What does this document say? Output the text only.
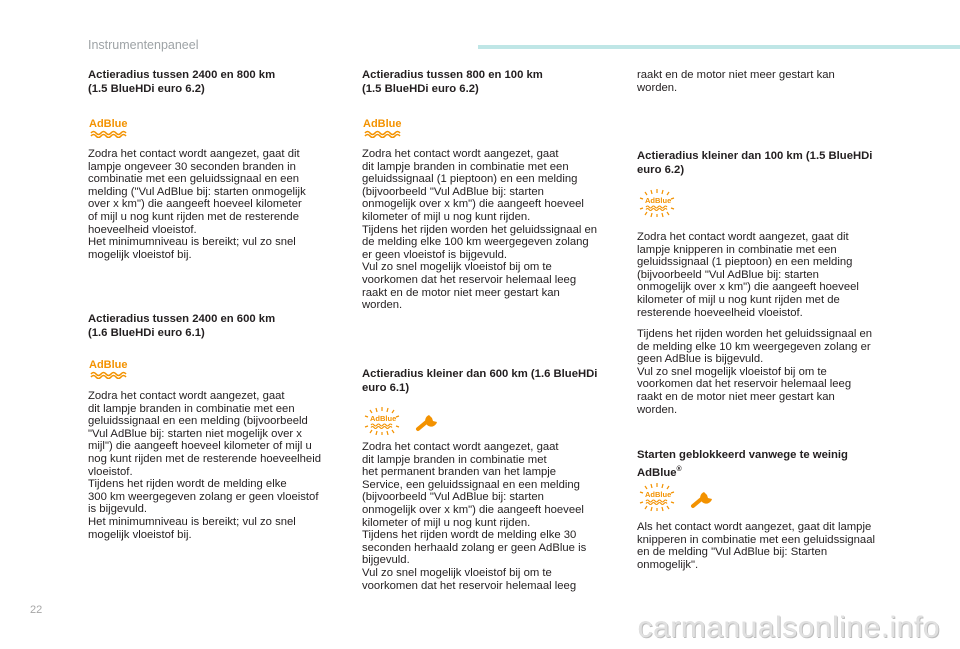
Instrumentenpaneel
Actieradius tussen 2400 en 800 km
(1.5 BlueHDi euro 6.2)
AdBlue

Zodra het contact wordt aangezet, gaat dit
lampje ongeveer 30 seconden branden in
combinatie met een geluidssignaal en een
melding ("Vul AdBlue bij: starten onmogelijk
over x km") die aangeeft hoeveel kilometer
of mijl u nog kunt rijden met de resterende
hoeveelheid vloeistof.
Het minimumniveau is bereikt; vul zo snel
mogelijk vloeistof bij.

Actieradius tussen 2400 en 600 km
(1.6 BlueHDi euro 6.1)
AdBlue

Zodra het contact wordt aangezet, gaat
dit lampje branden in combinatie met een
geluidssignaal en een melding (bijvoorbeeld
"Vul AdBlue bij: starten niet mogelijk over x
mijl") die aangeeft hoeveel kilometer of mijl u
nog kunt rijden met de resterende hoeveelheid
vloeistof.
Tijdens het rijden wordt de melding elke
300 km weergegeven zolang er geen vloeistof
is bijgevuld.
Het minimumniveau is bereikt; vul zo snel
mogelijk vloeistof bij.

Actieradius tussen 800 en 100 km
(1.5 BlueHDi euro 6.2)
AdBlue

Zodra het contact wordt aangezet, gaat
dit lampje branden in combinatie met een
geluidssignaal (1 pieptoon) en een melding
(bijvoorbeeld "Vul AdBlue bij: starten
onmogelijk over x km") die aangeeft hoeveel
kilometer of mijl u nog kunt rijden.
Tijdens het rijden worden het geluidssignaal en
de melding elke 100 km weergegeven zolang
er geen vloeistof is bijgevuld.
Vul zo snel mogelijk vloeistof bij om te
voorkomen dat het reservoir helemaal leeg
raakt en de motor niet meer gestart kan
worden.

Actieradius kleiner dan 600 km (1.6 BlueHDi
euro 6.1)
AdBlue

Zodra het contact wordt aangezet, gaat
dit lampje branden in combinatie met
het permanent branden van het lampje
Service, een geluidssignaal en een melding
(bijvoorbeeld "Vul AdBlue bij: starten
onmogelijk over x km") die aangeeft hoeveel
kilometer of mijl u nog kunt rijden.
Tijdens het rijden wordt de melding elke 30
seconden herhaald zolang er geen AdBlue is
bijgevuld.
Vul zo snel mogelijk vloeistof bij om te
voorkomen dat het reservoir helemaal leeg

raakt en de motor niet meer gestart kan
worden.

Actieradius kleiner dan 100 km (1.5 BlueHDi
euro 6.2)
AdBlue

Zodra het contact wordt aangezet, gaat dit
lampje knipperen in combinatie met een
geluidssignaal (1 pieptoon) en een melding
(bijvoorbeeld "Vul AdBlue bij: starten
onmogelijk over x km") die aangeeft hoeveel
kilometer of mijl u nog kunt rijden met de
resterende hoeveelheid vloeistof.

Tijdens het rijden worden het geluidssignaal en
de melding elke 10 km weergegeven zolang er
geen AdBlue is bijgevuld.
Vul zo snel mogelijk vloeistof bij om te
voorkomen dat het reservoir helemaal leeg
raakt en de motor niet meer gestart kan
worden.

Starten geblokkeerd vanwege te weinig
AdBlue®
AdBlue

Als het contact wordt aangezet, gaat dit lampje
knipperen in combinatie met een geluidssignaal
en de melding "Vul AdBlue bij: Starten
onmogelijk".

22
carmanualsonline.info
